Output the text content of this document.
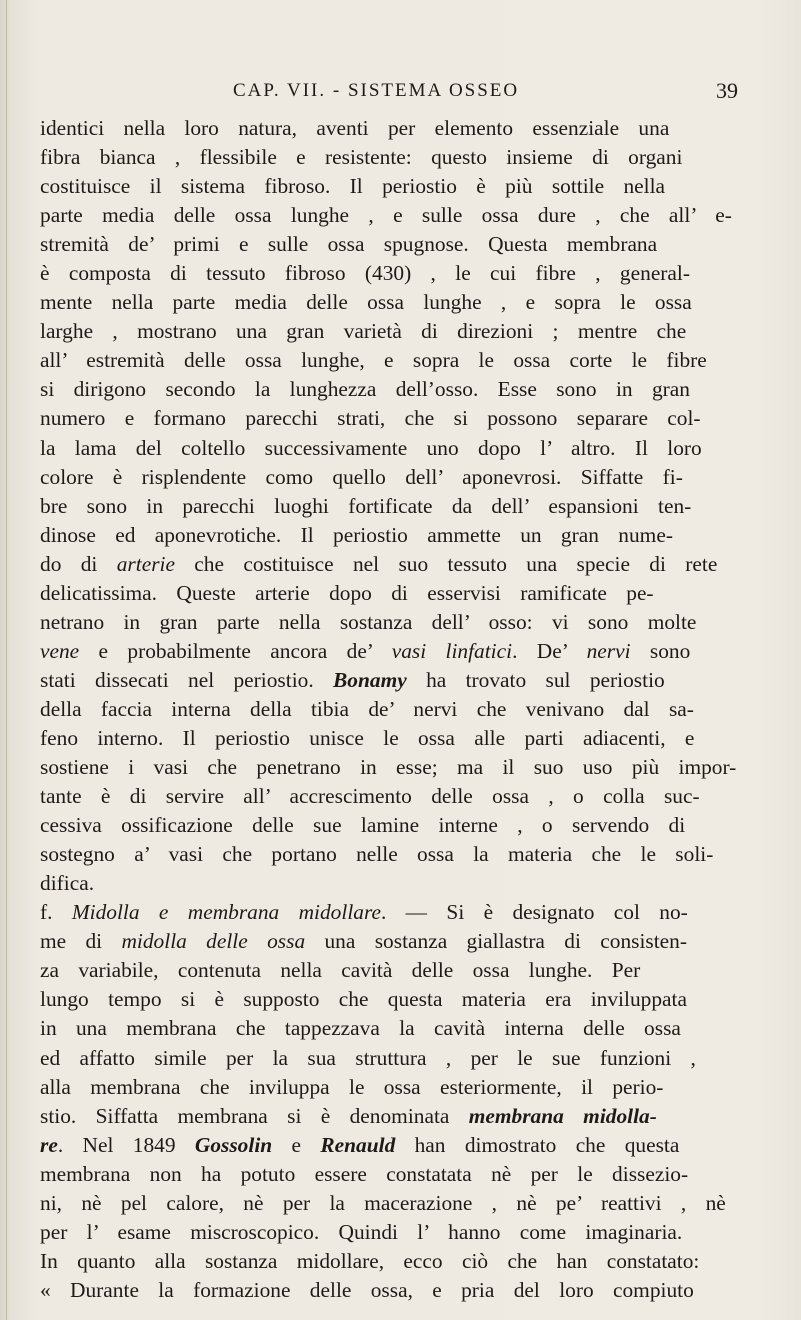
CAP. VII. - SISTEMA OSSEO	39
identici nella loro natura, aventi per elemento essenziale una
fibra bianca , flessibile e resistente: questo insieme di organi
costituisce il sistema fibroso. Il periostio è più sottile nella
parte media delle ossa lunghe , e sulle ossa dure , che all’ e-
stremità de’ primi e sulle ossa spugnose. Questa membrana
è composta di tessuto fibroso (430) , le cui fibre , general-
mente nella parte media delle ossa lunghe , e sopra le ossa
larghe , mostrano una gran varietà di direzioni ; mentre che
all’ estremità delle ossa lunghe, e sopra le ossa corte le fibre
si dirigono secondo la lunghezza dell’osso. Esse sono in gran
numero e formano parecchi strati, che si possono separare col-
la lama del coltello successivamente uno dopo l’ altro. Il loro
colore è risplendente como quello dell’ aponevrosi. Siffatte fi-
bre sono in parecchi luoghi fortificate da dell’ espansioni ten-
dinose ed aponevrotiche. Il periostio ammette un gran nume-
do di arterie che costituisce nel suo tessuto una specie di rete
delicatissima. Queste arterie dopo di esservisi ramificate pe-
netrano in gran parte nella sostanza dell’ osso: vi sono molte
vene e probabilmente ancora de’ vasi linfatici. De’ nervi sono
stati dissecati nel periostio. Bonamy ha trovato sul periostio
della faccia interna della tibia de’ nervi che venivano dal sa-
feno interno. Il periostio unisce le ossa alle parti adiacenti, e
sostiene i vasi che penetrano in esse; ma il suo uso più impor-
tante è di servire all’ accrescimento delle ossa , o colla suc-
cessiva ossificazione delle sue lamine interne , o servendo di
sostegno a’ vasi che portano nelle ossa la materia che le soli-
difica.
f. Midolla e membrana midollare. — Si è designato col no-
me di midolla delle ossa una sostanza giallastra di consisten-
za variabile, contenuta nella cavità delle ossa lunghe. Per
lungo tempo si è supposto che questa materia era inviluppata
in una membrana che tappezzava la cavità interna delle ossa
ed affatto simile per la sua struttura , per le sue funzioni ,
alla membrana che inviluppa le ossa esteriormente, il perio-
stio. Siffatta membrana si è denominata membrana midolla-
re. Nel 1849 Gossolin e Renauld han dimostrato che questa
membrana non ha potuto essere constatata nè per le dissezio-
ni, nè pel calore, nè per la macerazione , nè pe’ reattivi , nè
per l’ esame miscroscopico. Quindi l’ hanno come imaginaria.
In quanto alla sostanza midollare, ecco ciò che han constatato:
« Durante la formazione delle ossa, e pria del loro compiuto
